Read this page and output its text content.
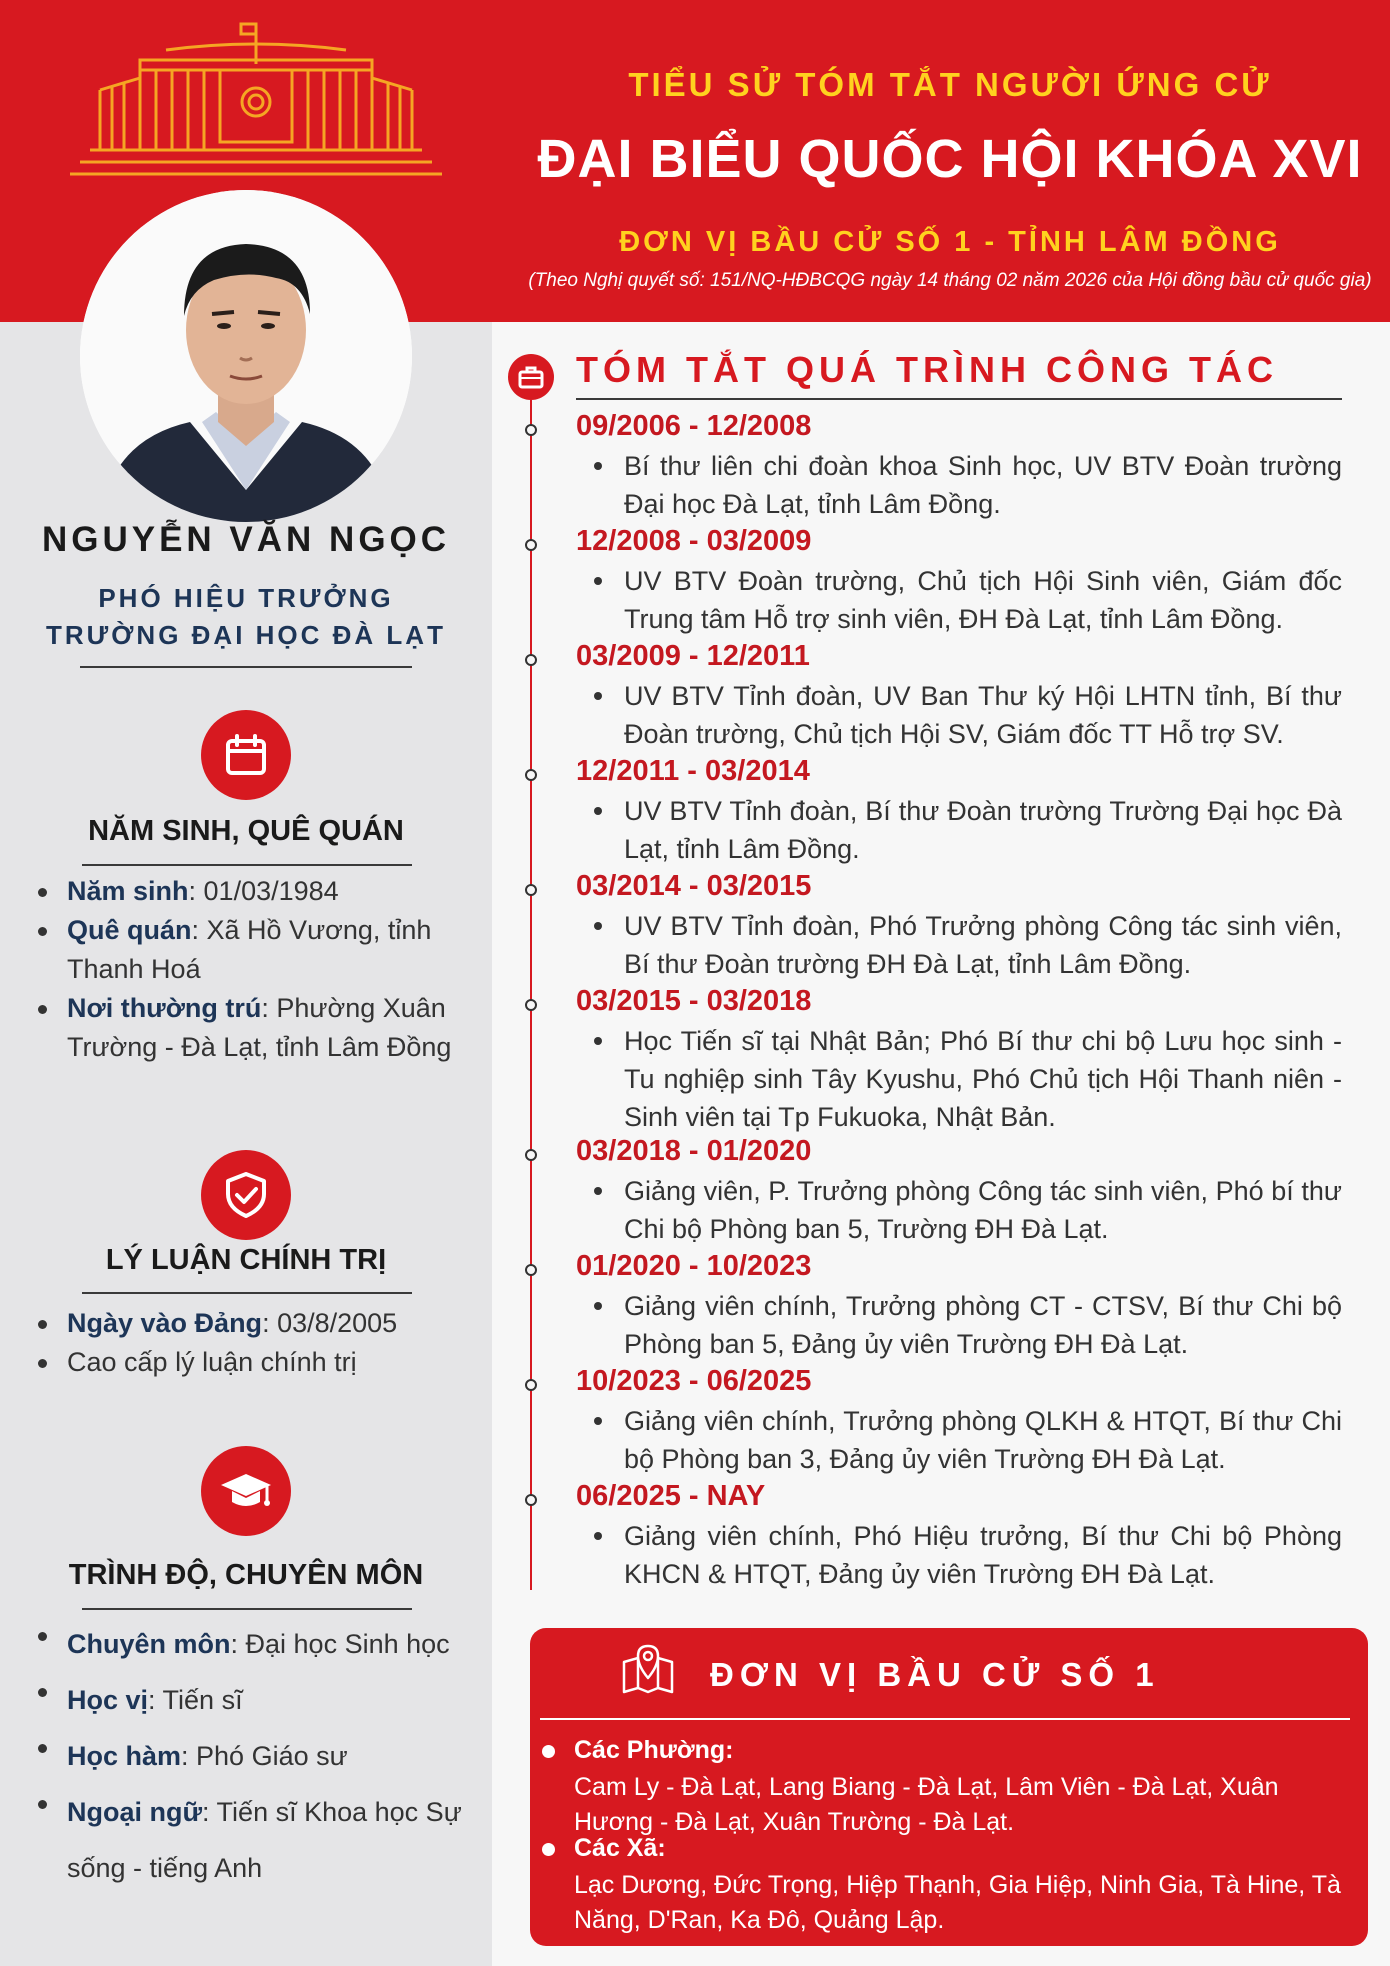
TIỂU SỬ TÓM TẮT NGƯỜI ỨNG CỬ
ĐẠI BIỂU QUỐC HỘI KHÓA XVI
ĐƠN VỊ BẦU CỬ SỐ 1 - TỈNH LÂM ĐỒNG
(Theo Nghị quyết số: 151/NQ-HĐBCQG ngày 14 tháng 02 năm 2026 của Hội đồng bầu cử quốc gia)
NGUYỄN VĂN NGỌC
PHÓ HIỆU TRƯỞNG
TRƯỜNG ĐẠI HỌC ĐÀ LẠT
NĂM SINH, QUÊ QUÁN
Năm sinh: 01/03/1984
Quê quán: Xã Hồ Vương, tỉnh Thanh Hoá
Nơi thường trú: Phường Xuân Trường - Đà Lạt, tỉnh Lâm Đồng
LÝ LUẬN CHÍNH TRỊ
Ngày vào Đảng: 03/8/2005
Cao cấp lý luận chính trị
TRÌNH ĐỘ, CHUYÊN MÔN
Chuyên môn: Đại học Sinh học
Học vị: Tiến sĩ
Học hàm: Phó Giáo sư
Ngoại ngữ: Tiến sĩ Khoa học Sự sống - tiếng Anh
TÓM TẮT QUÁ TRÌNH CÔNG TÁC
09/2006 - 12/2008
Bí thư liên chi đoàn khoa Sinh học, UV BTV Đoàn trường Đại học Đà Lạt, tỉnh Lâm Đồng.
12/2008 - 03/2009
UV BTV Đoàn trường, Chủ tịch Hội Sinh viên, Giám đốc Trung tâm Hỗ trợ sinh viên, ĐH Đà Lạt, tỉnh Lâm Đồng.
03/2009 - 12/2011
UV BTV Tỉnh đoàn, UV Ban Thư ký Hội LHTN tỉnh, Bí thư Đoàn trường, Chủ tịch Hội SV, Giám đốc TT Hỗ trợ SV.
12/2011 - 03/2014
UV BTV Tỉnh đoàn, Bí thư Đoàn trường Trường Đại học Đà Lạt, tỉnh Lâm Đồng.
03/2014 - 03/2015
UV BTV Tỉnh đoàn, Phó Trưởng phòng Công tác sinh viên, Bí thư Đoàn trường ĐH Đà Lạt, tỉnh Lâm Đồng.
03/2015 - 03/2018
Học Tiến sĩ tại Nhật Bản; Phó Bí thư chi bộ Lưu học sinh - Tu nghiệp sinh Tây Kyushu, Phó Chủ tịch Hội Thanh niên - Sinh viên tại Tp Fukuoka, Nhật Bản.
03/2018 - 01/2020
Giảng viên, P. Trưởng phòng Công tác sinh viên, Phó bí thư Chi bộ Phòng ban 5, Trường ĐH Đà Lạt.
01/2020 - 10/2023
Giảng viên chính, Trưởng phòng CT - CTSV, Bí thư Chi bộ Phòng ban 5, Đảng ủy viên Trường ĐH Đà Lạt.
10/2023 - 06/2025
Giảng viên chính, Trưởng phòng QLKH & HTQT, Bí thư Chi bộ Phòng ban 3, Đảng ủy viên Trường ĐH Đà Lạt.
06/2025 - NAY
Giảng viên chính, Phó Hiệu trưởng, Bí thư Chi bộ Phòng KHCN & HTQT, Đảng ủy viên Trường ĐH Đà Lạt.
ĐƠN VỊ BẦU CỬ SỐ 1
Các Phường:
Cam Ly - Đà Lạt, Lang Biang - Đà Lạt, Lâm Viên - Đà Lạt, Xuân Hương - Đà Lạt, Xuân Trường - Đà Lạt.
Các Xã:
Lạc Dương, Đức Trọng, Hiệp Thạnh, Gia Hiệp, Ninh Gia, Tà Hine, Tà Năng, D'Ran, Ka Đô, Quảng Lập.
